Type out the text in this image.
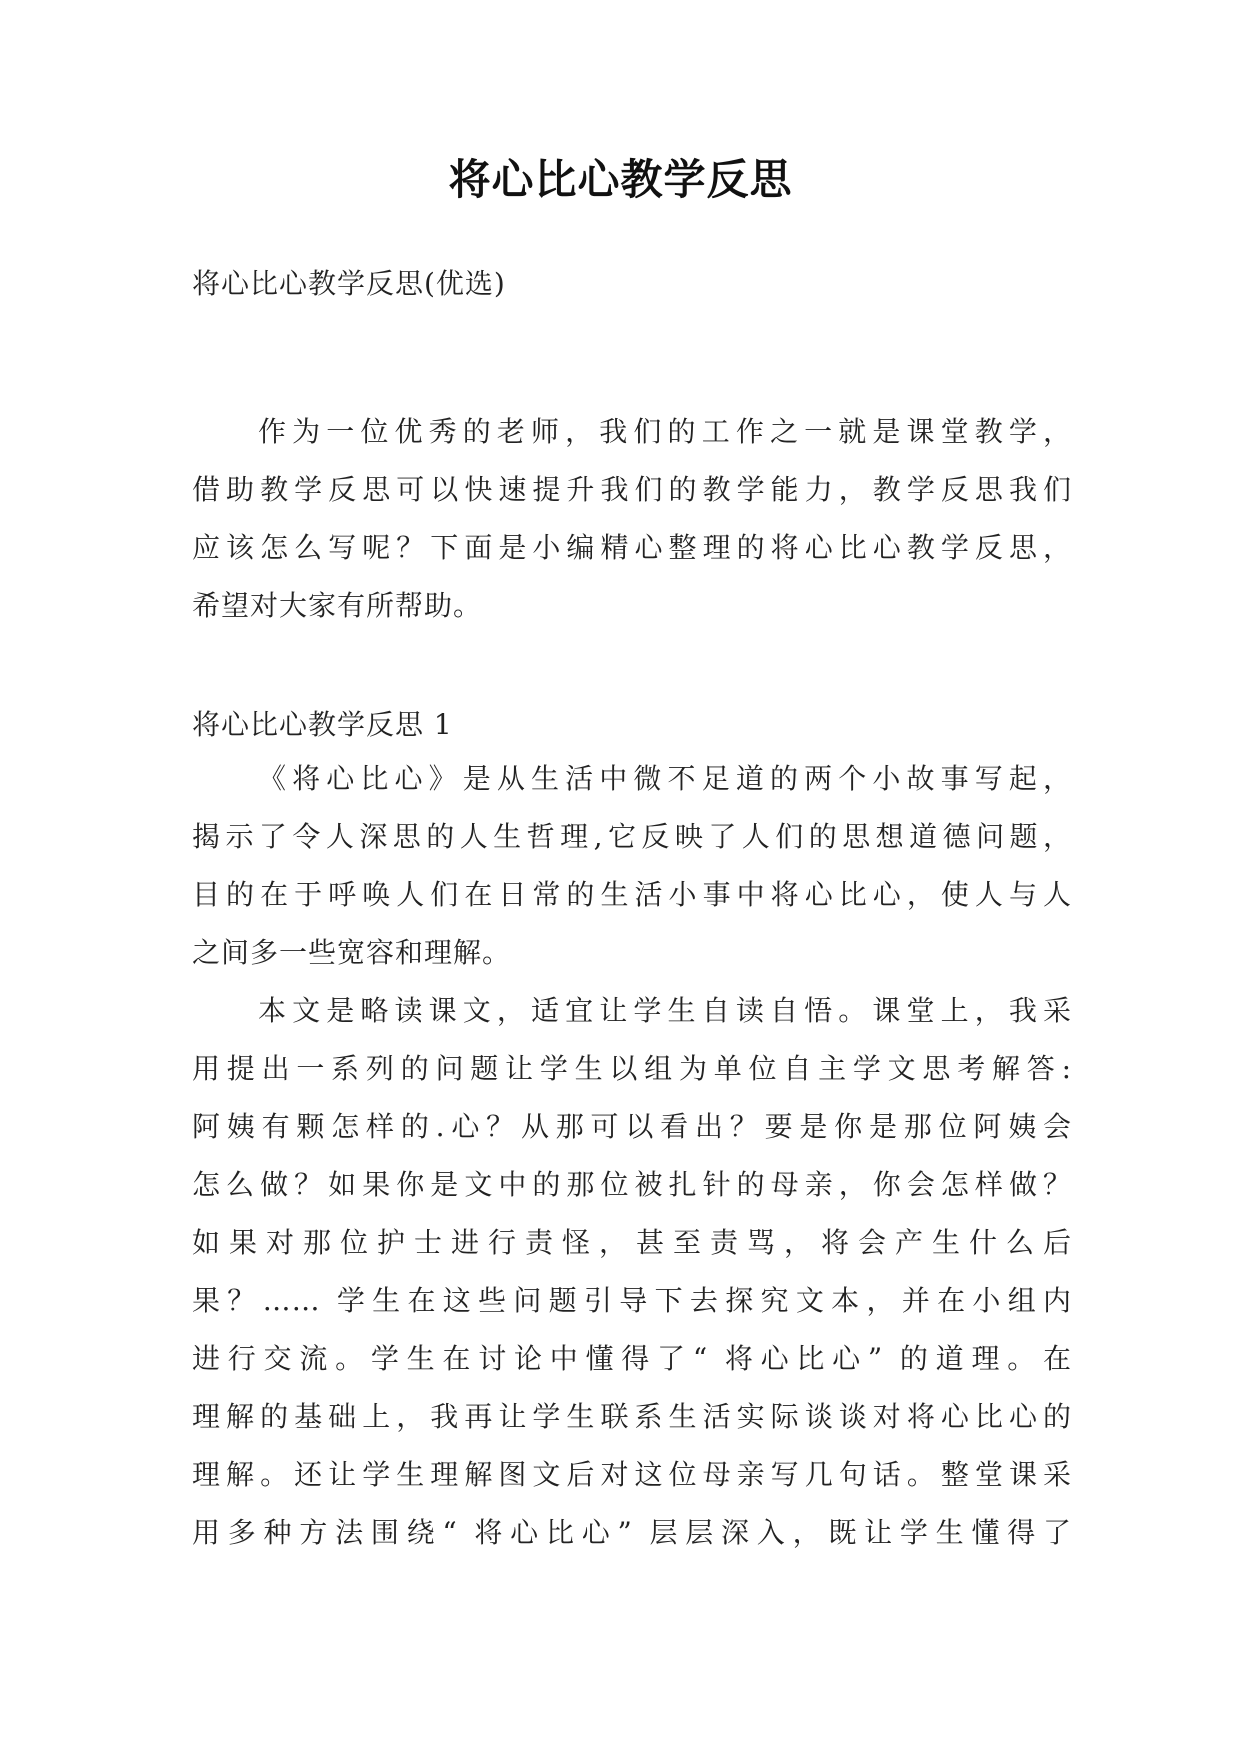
将心比心教学反思

将心比心教学反思(优选)

作为一位优秀的老师，我们的工作之一就是课堂教学，
借助教学反思可以快速提升我们的教学能力，教学反思我们
应该怎么写呢？下面是小编精心整理的将心比心教学反思，
希望对大家有所帮助。

将心比心教学反思 1

《将心比心》是从生活中微不足道的两个小故事写起，
揭示了令人深思的人生哲理,它反映了人们的思想道德问题，
目的在于呼唤人们在日常的生活小事中将心比心，使人与人
之间多一些宽容和理解。
本文是略读课文，适宜让学生自读自悟。课堂上，我采
用提出一系列的问题让学生以组为单位自主学文思考解答:
阿姨有颗怎样的.心？从那可以看出？要是你是那位阿姨会
怎么做？如果你是文中的那位被扎针的母亲，你会怎样做？
如果对那位护士进行责怪，甚至责骂，将会产生什么后
果？…… 学生在这些问题引导下去探究文本，并在小组内
进行交流。学生在讨论中懂得了“ 将心比心” 的道理。在
理解的基础上，我再让学生联系生活实际谈谈对将心比心的
理解。还让学生理解图文后对这位母亲写几句话。整堂课采
用多种方法围绕“ 将心比心” 层层深入，既让学生懂得了
